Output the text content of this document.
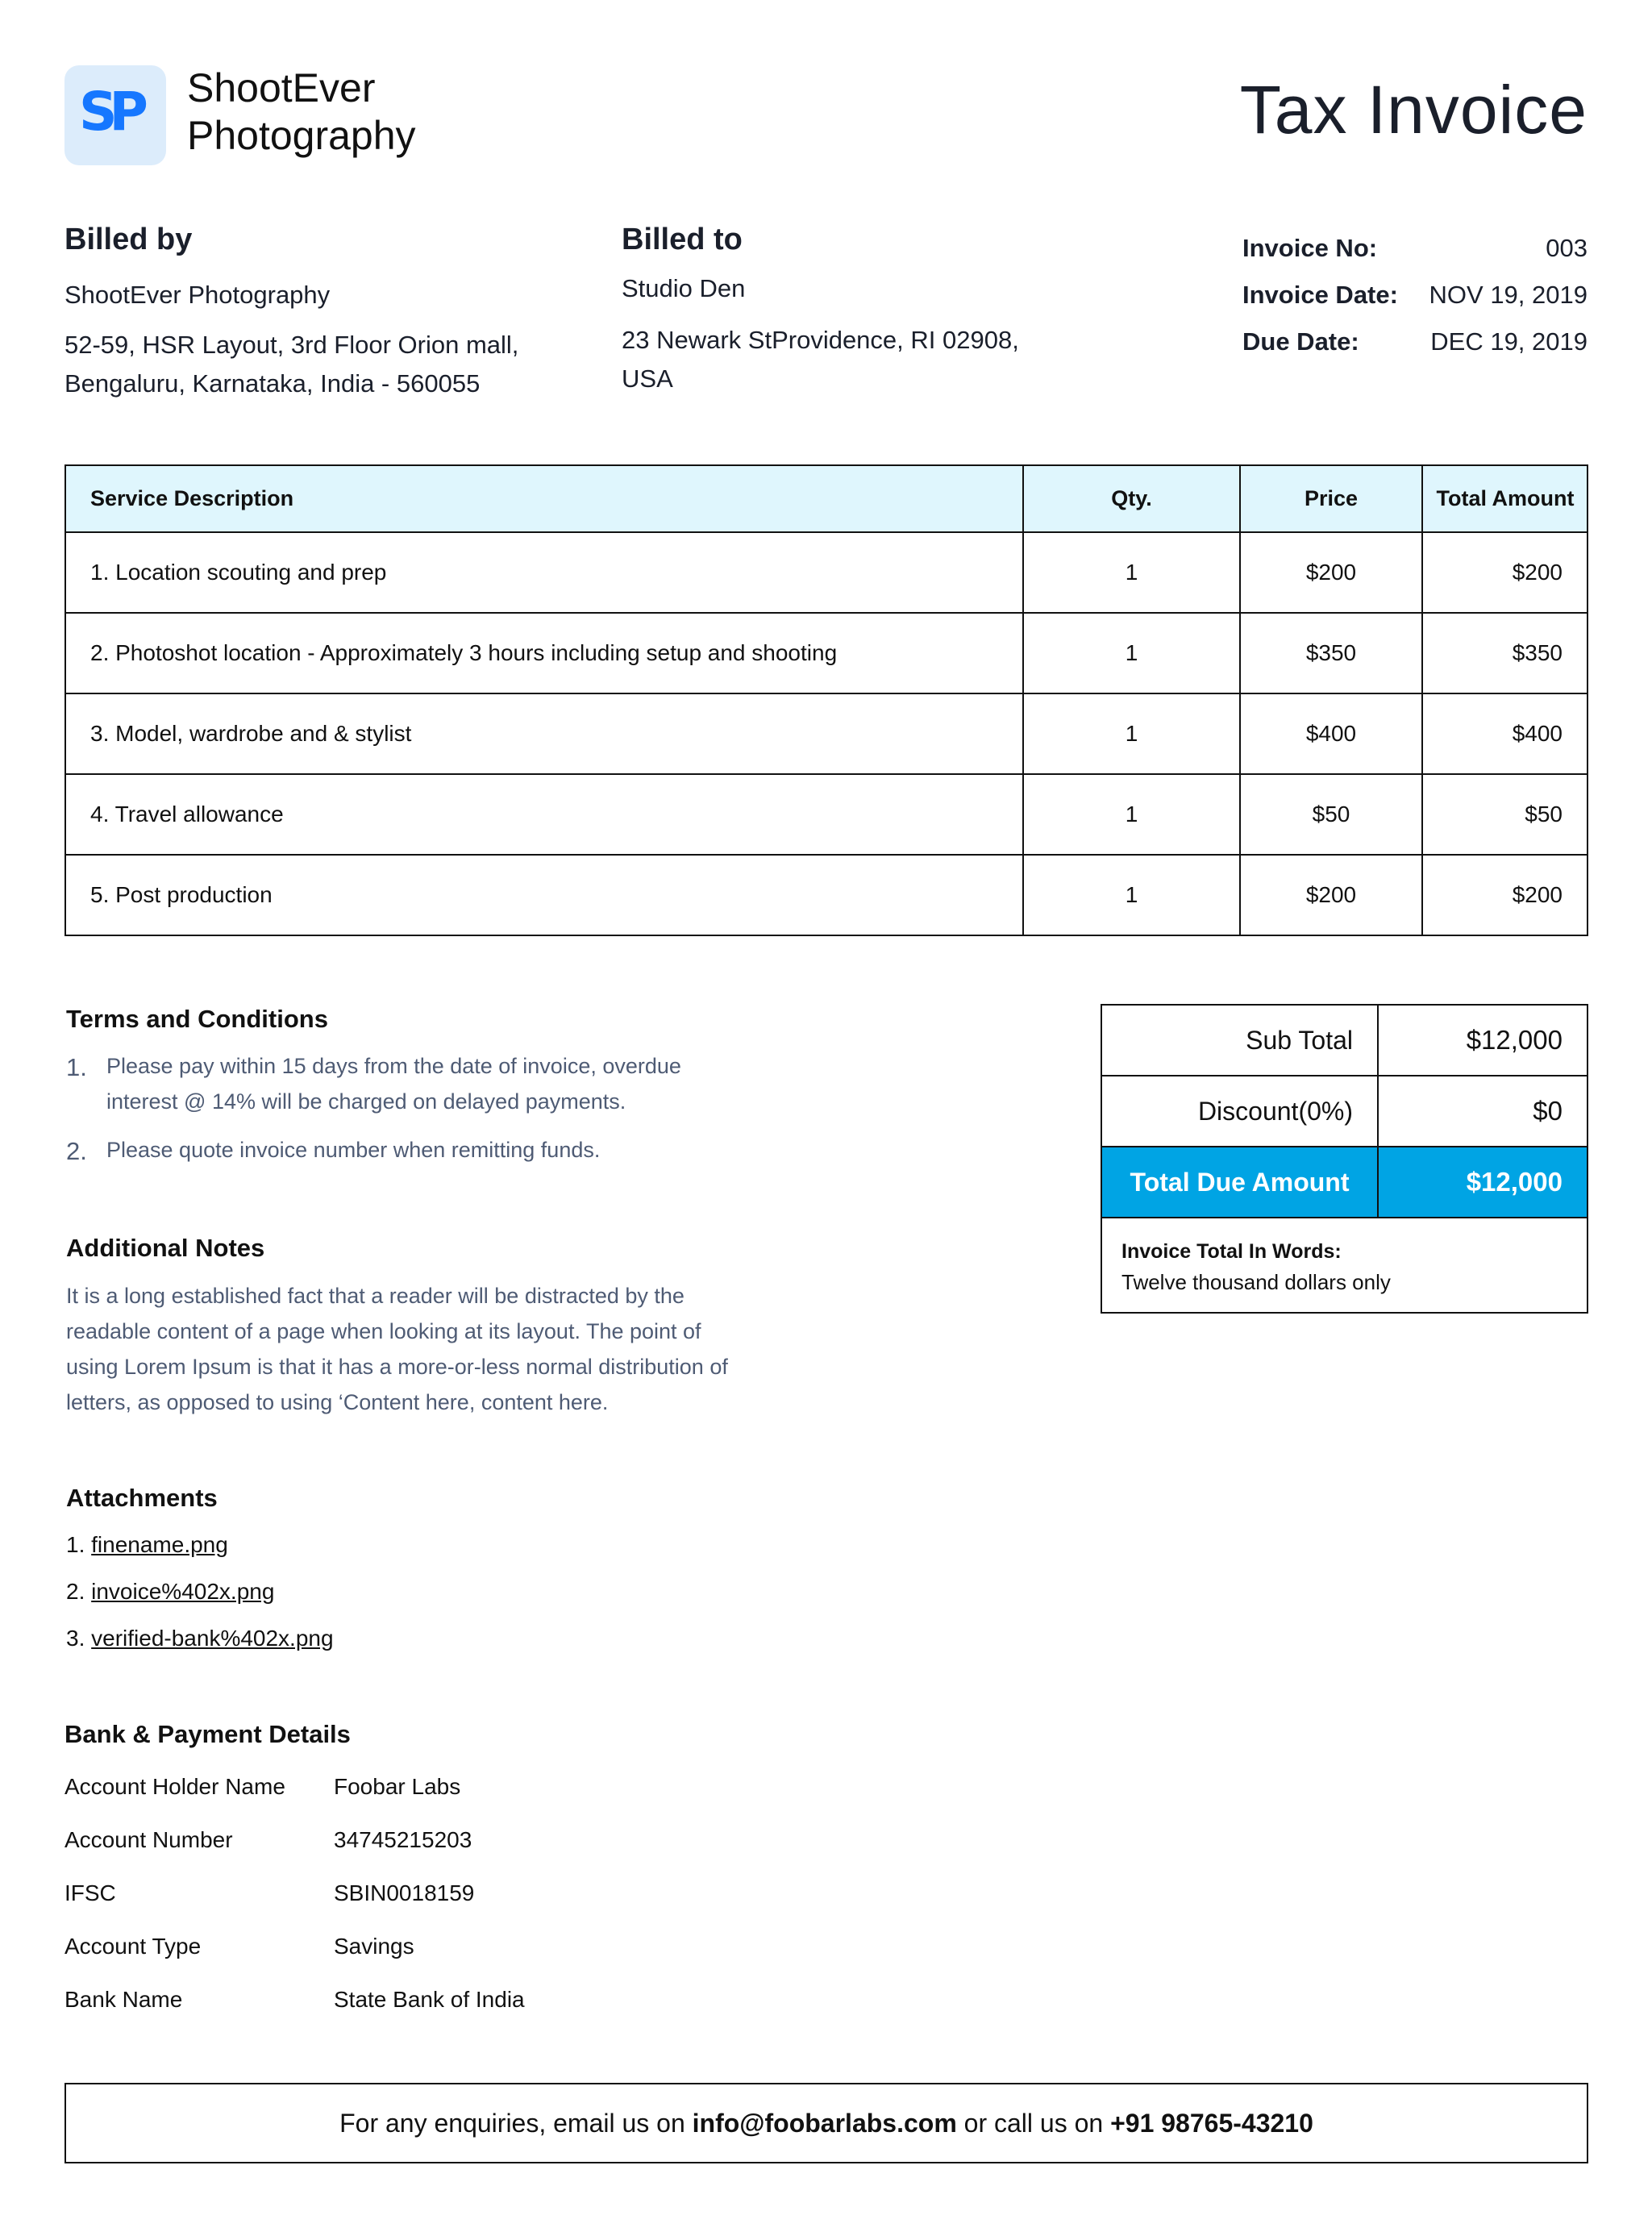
SP ShootEver
Photography	Tax Invoice
Billed by
ShootEver Photography
52-59, HSR Layout, 3rd Floor Orion mall,
Bengaluru, Karnataka, India - 560055
Billed to
Studio Den
23 Newark StProvidence, RI 02908,
USA
Invoice No:	003
Invoice Date: NOV 19, 2019
Due Date:	DEC 19, 2019
Service Description	Qty.	Price	Total Amount
1. Location scouting and prep	1	$200	$200
2. Photoshot location - Approximately 3 hours including setup and shooting	1	$350	$350
3. Model, wardrobe and & stylist	1	$400	$400
4. Travel allowance	1	$50	$50
5. Post production	1	$200	$200
Terms and Conditions
1. Please pay within 15 days from the date of invoice, overdue
interest @ 14% will be charged on delayed payments.
2. Please quote invoice number when remitting funds.
Sub Total	$12,000
Discount(0%)	$0
Total Due Amount	$12,000
Invoice Total In Words:
Twelve thousand dollars only
Additional Notes
It is a long established fact that a reader will be distracted by the
readable content of a page when looking at its layout. The point of
using Lorem Ipsum is that it has a more-or-less normal distribution of
letters, as opposed to using ‘Content here, content here.
Attachments
1. finename.png
2. invoice%402x.png
3. verified-bank%402x.png
Bank & Payment Details
Account Holder Name Foobar Labs
Account Number	34745215203
IFSC	SBIN0018159
Account Type	Savings
Bank Name	State Bank of India
For any enquiries, email us on
info@foobarlabs.com
or call us on
+91 98765-43210
